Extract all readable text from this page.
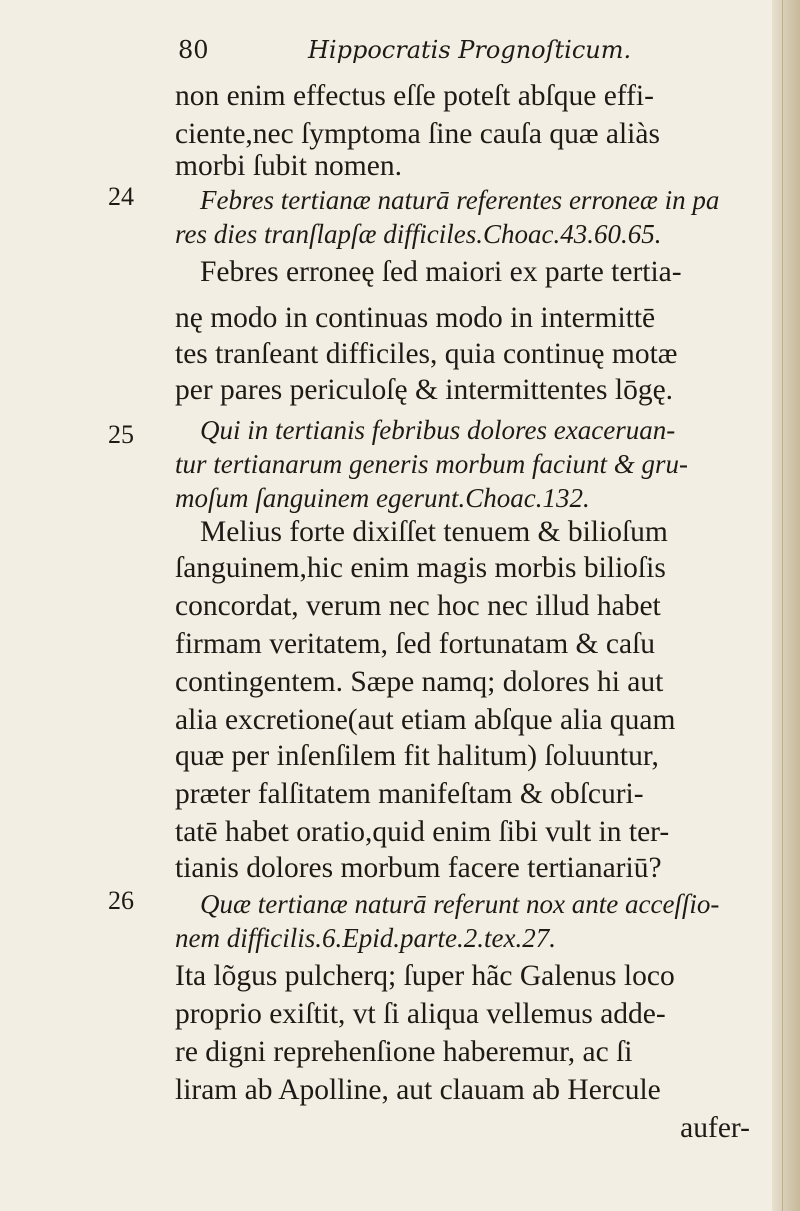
80	Hippocratis Prognoſticum.
24
25
26
non enim effectus eſſe poteſt abſque effi-
ciente,nec ſymptoma ſine cauſa quæ aliàs
morbi ſubit nomen.
Febres tertianæ naturā referentes erroneæ in pa
res dies tranſlapſæ difficiles.Choac.43.60.65.
Febres erroneę ſed maiori ex parte tertia-
nę modo in continuas modo in intermittē
tes tranſeant difficiles, quia continuę motæ
per pares periculoſę & intermittentes lōgę.
Qui in tertianis febribus dolores exaceruan-
tur tertianarum generis morbum faciunt & gru-
moſum ſanguinem egerunt.Choac.132.
Melius forte dixiſſet tenuem & bilioſum
ſanguinem,hic enim magis morbis bilioſis
concordat, verum nec hoc nec illud habet
firmam veritatem, ſed fortunatam & caſu
contingentem. Sæpe namq; dolores hi aut
alia excretione(aut etiam abſque alia quam
quæ per inſenſilem fit halitum) ſoluuntur,
præter falſitatem manifeſtam & obſcuri-
tatē habet oratio,quid enim ſibi vult in ter-
tianis dolores morbum facere tertianariū?
Quæ tertianæ naturā referunt nox ante acceſſio-
nem difficilis.6.Epid.parte.2.tex.27.
Ita lõgus pulcherq; ſuper hãc Galenus loco
proprio exiſtit, vt ſi aliqua vellemus adde-
re digni reprehenſione haberemur, ac ſi
liram ab Apolline, aut clauam ab Hercule
aufer-
